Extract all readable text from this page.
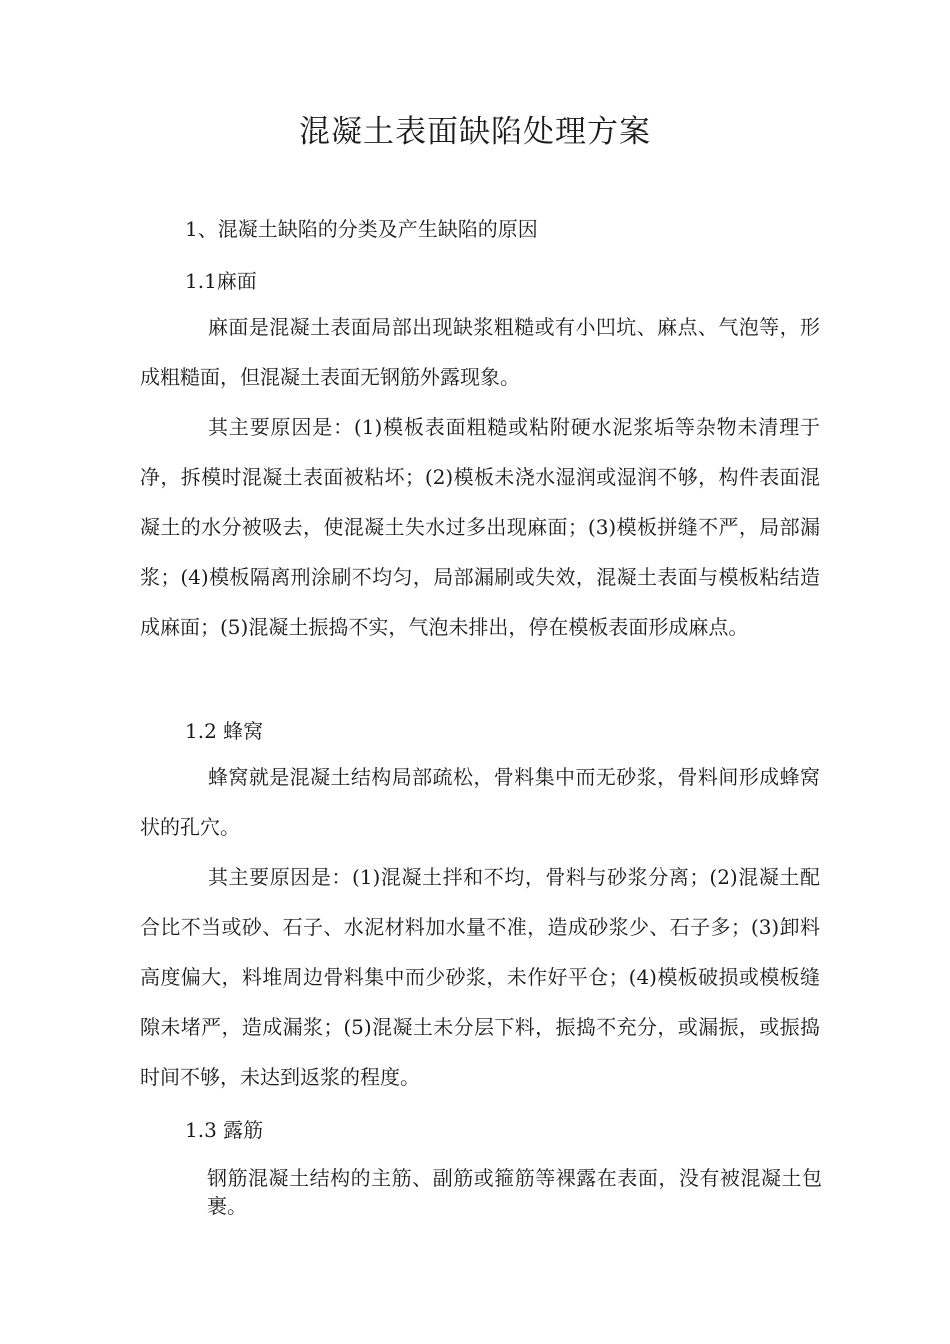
混凝土表面缺陷处理方案
1、混凝土缺陷的分类及产生缺陷的原因
1.1麻面

麻面是混凝土表面局部出现缺浆粗糙或有小凹坑、麻点、气泡等，形成粗糙面，但混凝土表面无钢筋外露现象。

其主要原因是：(1)模板表面粗糙或粘附硬水泥浆垢等杂物未清理于净，拆模时混凝土表面被粘坏；(2)模板未浇水湿润或湿润不够，构件表面混凝土的水分被吸去，使混凝土失水过多出现麻面；(3)模板拼缝不严，局部漏浆；(4)模板隔离刑涂刷不均匀，局部漏刷或失效，混凝土表面与模板粘结造成麻面；(5)混凝土振捣不实，气泡未排出，停在模板表面形成麻点。

1.2 蜂窝

蜂窝就是混凝土结构局部疏松，骨料集中而无砂浆，骨料间形成蜂窝状的孔穴。

其主要原因是：(1)混凝土拌和不均，骨料与砂浆分离；(2)混凝土配合比不当或砂、石子、水泥材料加水量不准，造成砂浆少、石子多；(3)卸料高度偏大，料堆周边骨料集中而少砂浆，未作好平仓；(4)模板破损或模板缝隙未堵严，造成漏浆；(5)混凝土未分层下料，振捣不充分，或漏振，或振捣时间不够，未达到返浆的程度。

1.3 露筋

钢筋混凝土结构的主筋、副筋或箍筋等裸露在表面，没有被混凝土包裹。
